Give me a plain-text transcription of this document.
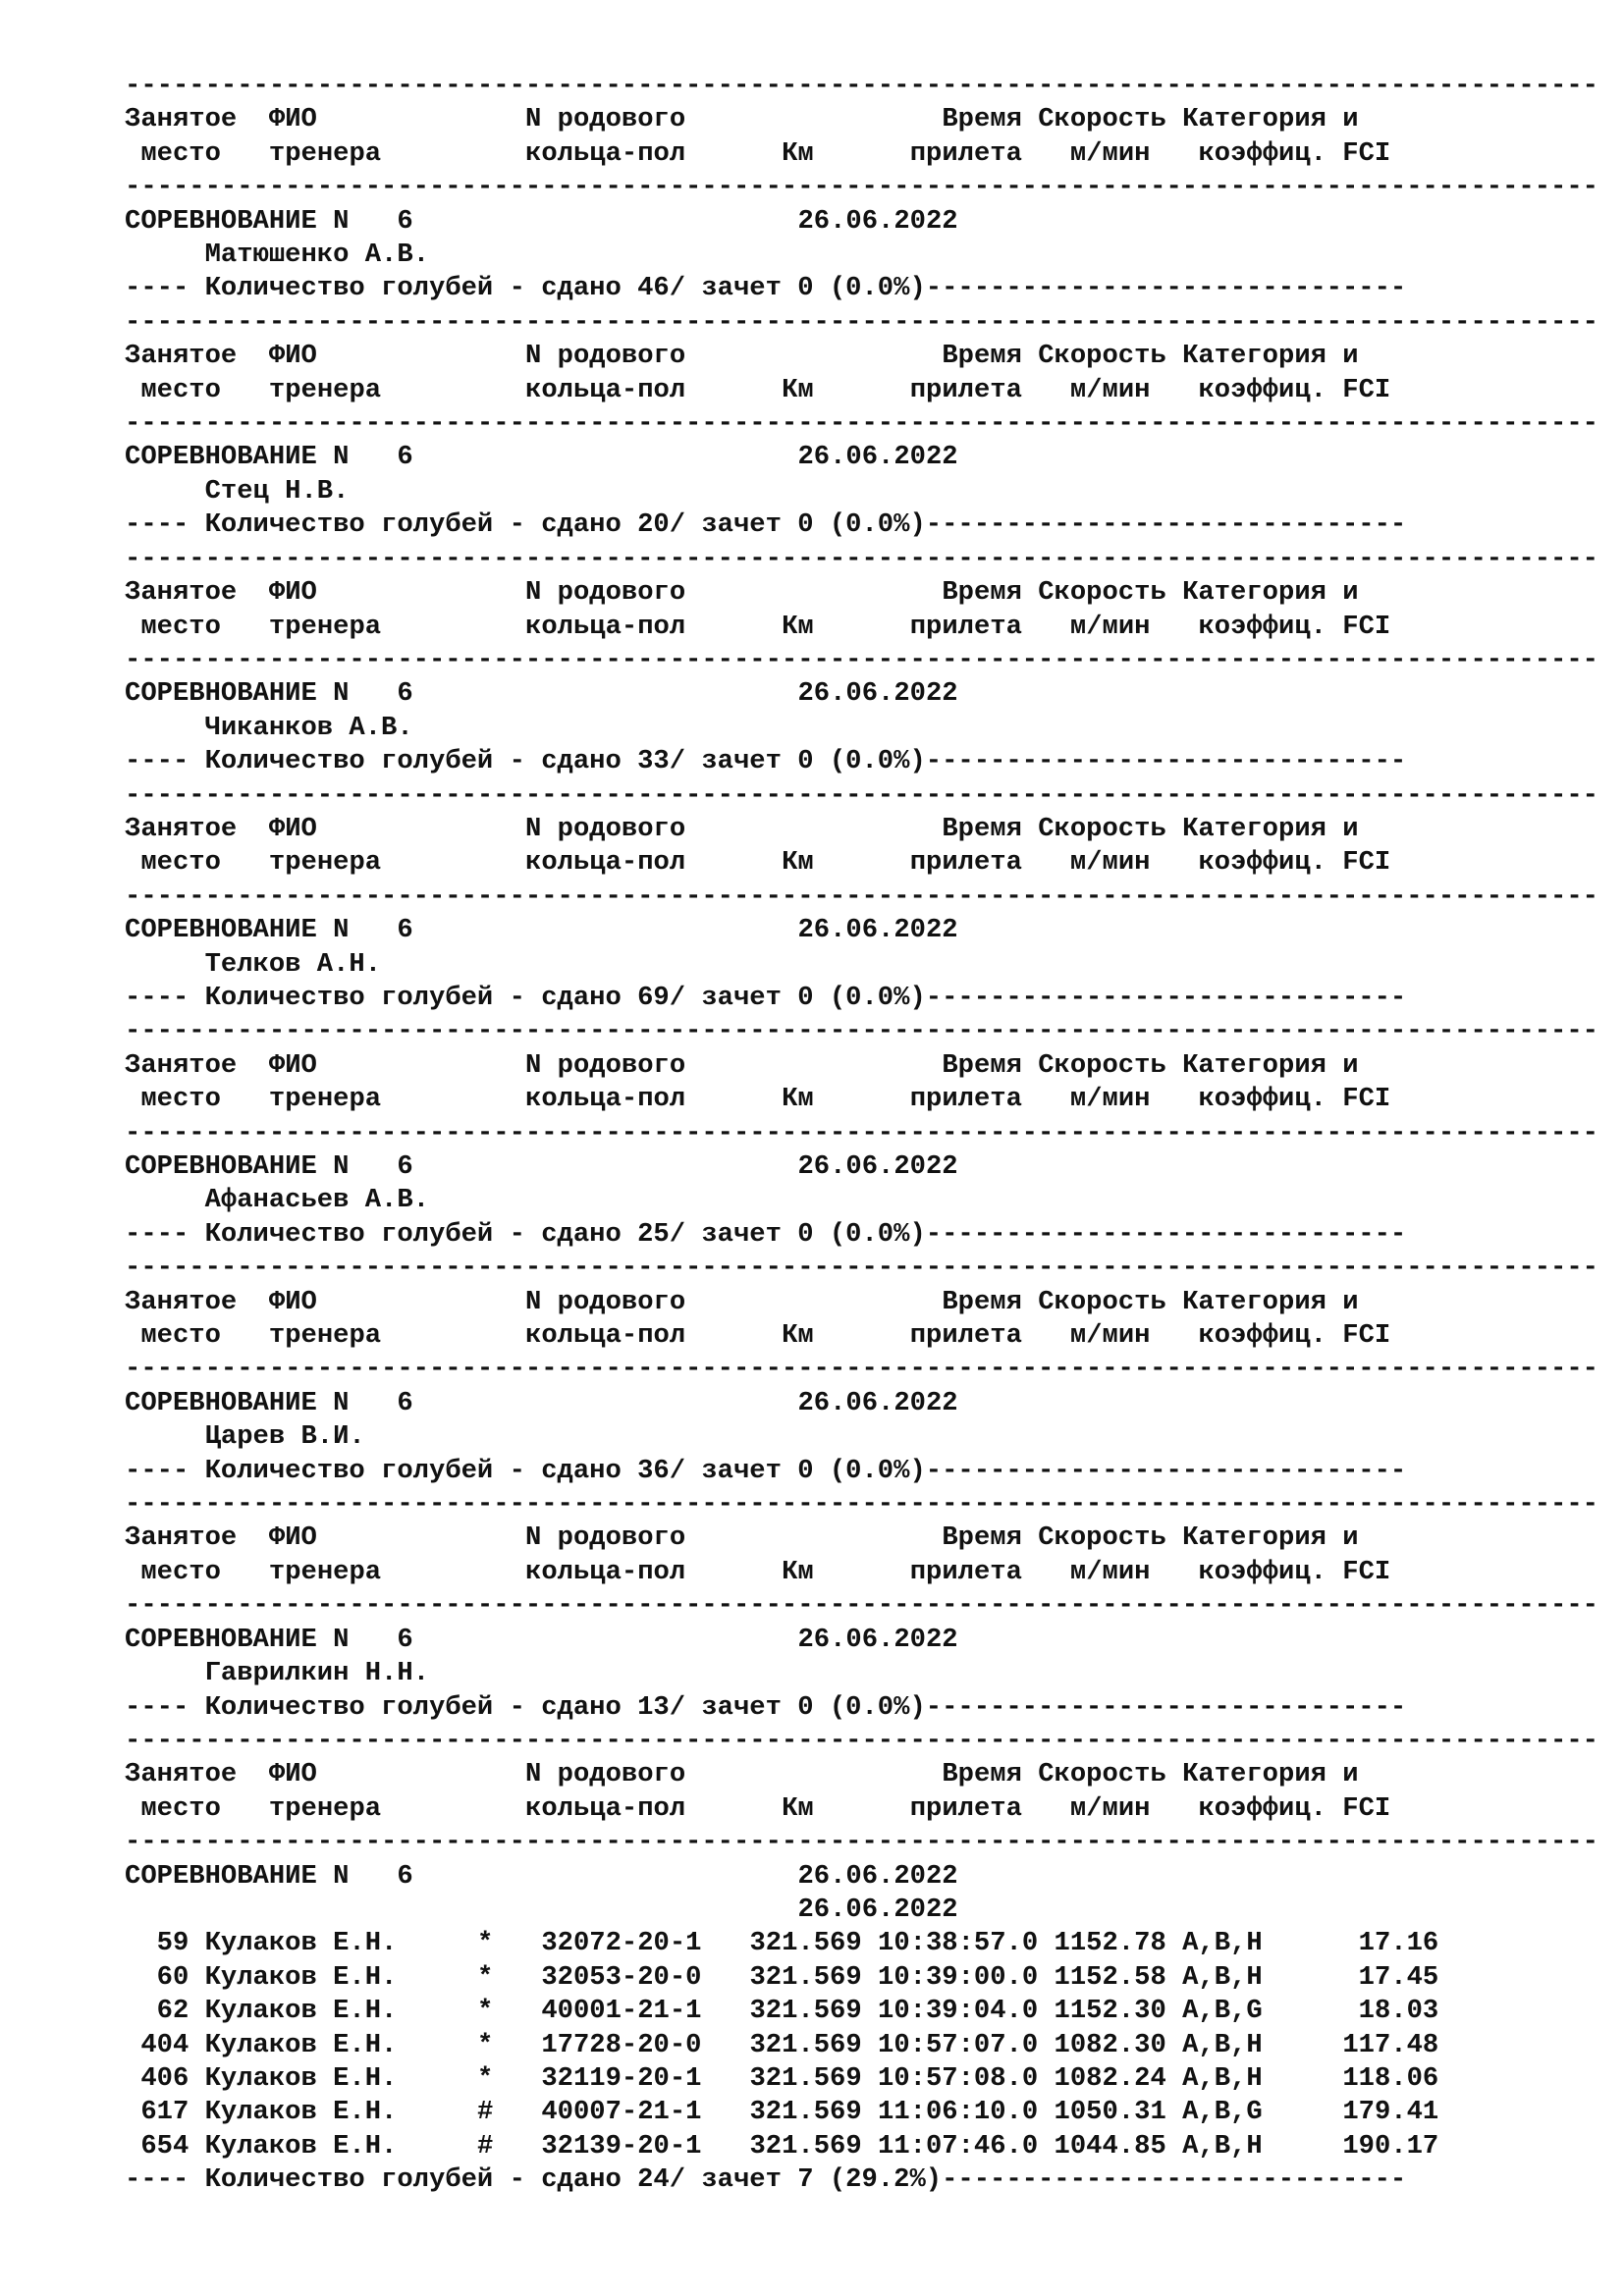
--------------------------------------------------------------------------------------------
Занятое ФИО	N родового	Время Скорость Категория и
место тренера	кольца-пол	Км	прилета м/мин коэффиц. FCI
--------------------------------------------------------------------------------------------
СОРЕВНОВАНИЕ N   6	26.06.2022
Матюшенко А.В.
---- Количество голубей - сдано 46/ зачет 0 (0.0%)------------------------------
--------------------------------------------------------------------------------------------
Занятое ФИО	N родового	Время Скорость Категория и
место тренера	кольца-пол	Км	прилета м/мин коэффиц. FCI
--------------------------------------------------------------------------------------------
СОРЕВНОВАНИЕ N   6	26.06.2022
Стец Н.В.
---- Количество голубей - сдано 20/ зачет 0 (0.0%)------------------------------
--------------------------------------------------------------------------------------------
Занятое ФИО	N родового	Время Скорость Категория и
место тренера	кольца-пол	Км	прилета м/мин коэффиц. FCI
--------------------------------------------------------------------------------------------
СОРЕВНОВАНИЕ N   6	26.06.2022
Чиканков А.В.
---- Количество голубей - сдано 33/ зачет 0 (0.0%)------------------------------
--------------------------------------------------------------------------------------------
Занятое ФИО	N родового	Время Скорость Категория и
место тренера	кольца-пол	Км	прилета м/мин коэффиц. FCI
--------------------------------------------------------------------------------------------
СОРЕВНОВАНИЕ N   6	26.06.2022
Телков А.Н.
---- Количество голубей - сдано 69/ зачет 0 (0.0%)------------------------------
--------------------------------------------------------------------------------------------
Занятое ФИО	N родового	Время Скорость Категория и
место тренера	кольца-пол	Км	прилета м/мин коэффиц. FCI
--------------------------------------------------------------------------------------------
СОРЕВНОВАНИЕ N   6	26.06.2022
Афанасьев А.В.
---- Количество голубей - сдано 25/ зачет 0 (0.0%)------------------------------
--------------------------------------------------------------------------------------------
Занятое ФИО	N родового	Время Скорость Категория и
место тренера	кольца-пол	Км	прилета м/мин коэффиц. FCI
--------------------------------------------------------------------------------------------
СОРЕВНОВАНИЕ N   6	26.06.2022
Царев В.И.
---- Количество голубей - сдано 36/ зачет 0 (0.0%)------------------------------
--------------------------------------------------------------------------------------------
Занятое ФИО	N родового	Время Скорость Категория и
место тренера	кольца-пол	Км	прилета м/мин коэффиц. FCI
--------------------------------------------------------------------------------------------
СОРЕВНОВАНИЕ N   6	26.06.2022
Гаврилкин Н.Н.
---- Количество голубей - сдано 13/ зачет 0 (0.0%)------------------------------
--------------------------------------------------------------------------------------------
Занятое ФИО	N родового	Время Скорость Категория и
место тренера	кольца-пол	Км	прилета м/мин коэффиц. FCI
--------------------------------------------------------------------------------------------
СОРЕВНОВАНИЕ N   6	26.06.2022
26.06.2022
59 Кулаков Е.Н.	* 32072-20-1 321.569 10:38:57.0 1152.78 A,B,H	17.16
60 Кулаков Е.Н.	* 32053-20-0 321.569 10:39:00.0 1152.58 A,B,H	17.45
62 Кулаков Е.Н.	* 40001-21-1 321.569 10:39:04.0 1152.30 A,B,G	18.03
404 Кулаков Е.Н.	* 17728-20-0 321.569 10:57:07.0 1082.30 A,B,H	117.48
406 Кулаков Е.Н.	* 32119-20-1 321.569 10:57:08.0 1082.24 A,B,H	118.06
617 Кулаков Е.Н.	# 40007-21-1 321.569 11:06:10.0 1050.31 A,B,G	179.41
654 Кулаков Е.Н.	# 32139-20-1 321.569 11:07:46.0 1044.85 A,B,H	190.17
---- Количество голубей - сдано 24/ зачет 7 (29.2%)-----------------------------
